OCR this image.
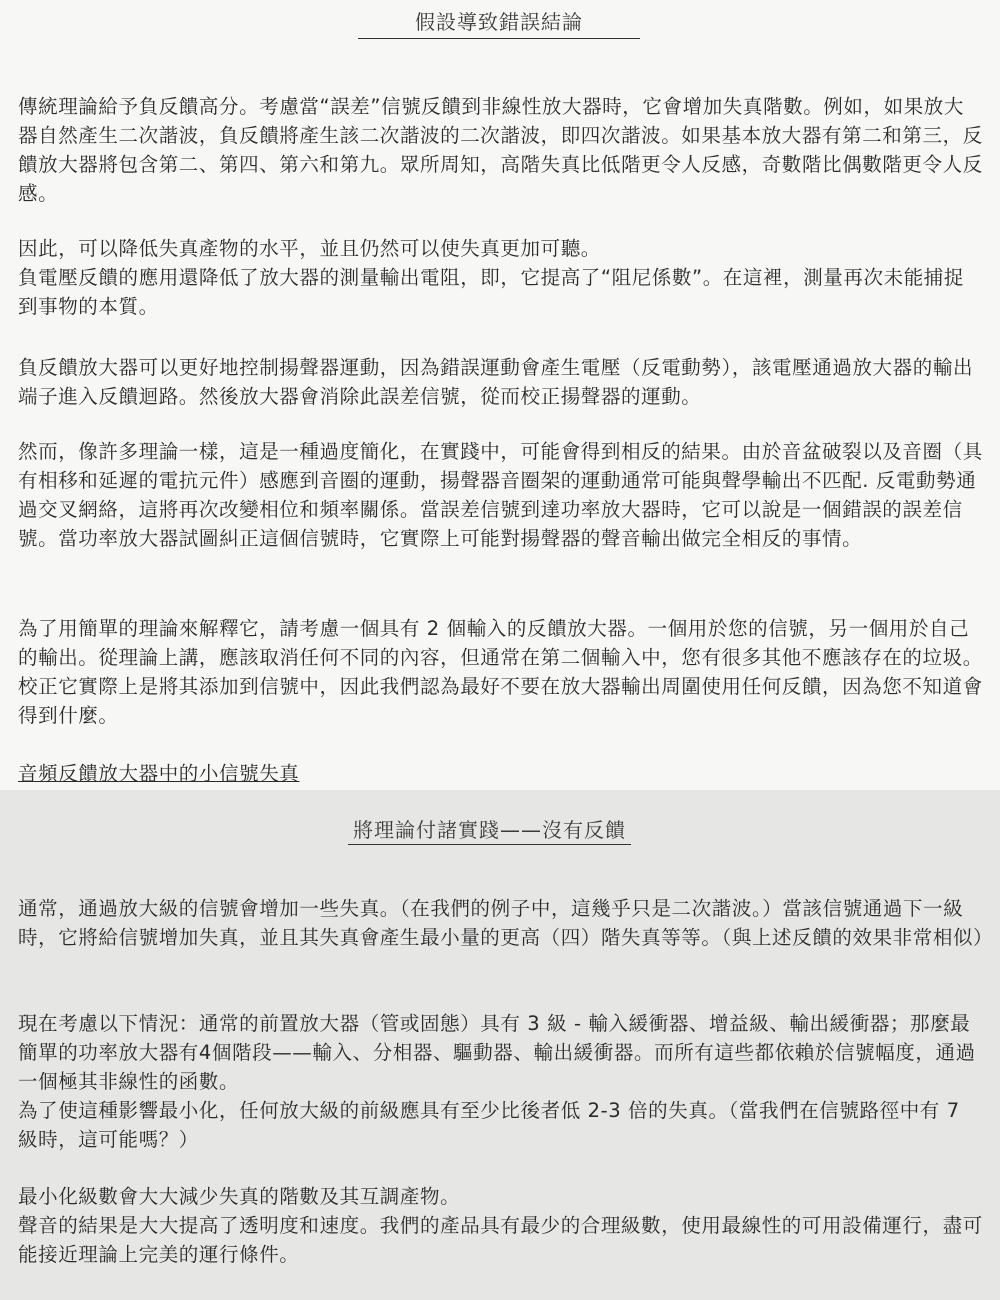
假設導致錯誤結論

傳統理論給予負反饋高分。考慮當“誤差”信號反饋到非線性放大器時，它會增加失真階數。例如，如果放大器自然產生二次諧波，負反饋將產生該二次諧波的二次諧波，即四次諧波。如果基本放大器有第二和第三，反饋放大器將包含第二、第四、第六和第九。眾所周知，高階失真比低階更令人反感，奇數階比偶數階更令人反感。

因此，可以降低失真產物的水平，並且仍然可以使失真更加可聽。
負電壓反饋的應用還降低了放大器的測量輸出電阻，即，它提高了“阻尼係數”。在這裡，測量再次未能捕捉到事物的本質。

負反饋放大器可以更好地控制揚聲器運動，因為錯誤運動會產生電壓（反電動勢），該電壓通過放大器的輸出端子進入反饋迴路。然後放大器會消除此誤差信號，從而校正揚聲器的運動。

然而，像許多理論一樣，這是一種過度簡化，在實踐中，可能會得到相反的結果。由於音盆破裂以及音圈（具有相移和延遲的電抗元件）感應到音圈的運動，揚聲器音圈架的運動通常可能與聲學輸出不匹配. 反電動勢通過交叉網絡，這將再次改變相位和頻率關係。當誤差信號到達功率放大器時，它可以說是一個錯誤的誤差信號。當功率放大器試圖糾正這個信號時，它實際上可能對揚聲器的聲音輸出做完全相反的事情。

為了用簡單的理論來解釋它，請考慮一個具有 2 個輸入的反饋放大器。一個用於您的信號，另一個用於自己的輸出。從理論上講，應該取消任何不同的內容，但通常在第二個輸入中，您有很多其他不應該存在的垃圾。校正它實際上是將其添加到信號中，因此我們認為最好不要在放大器輸出周圍使用任何反饋，因為您不知道會得到什麼。

音頻反饋放大器中的小信號失真
將理論付諸實踐——沒有反饋

通常，通過放大級的信號會增加一些失真。（在我們的例子中，這幾乎只是二次諧波。）當該信號通過下一級時，它將給信號增加失真，並且其失真會產生最小量的更高（四）階失真等等。（與上述反饋的效果非常相似）

現在考慮以下情況：通常的前置放大器（管或固態）具有 3 級 - 輸入緩衝器、增益級、輸出緩衝器；那麼最簡單的功率放大器有4個階段——輸入、分相器、驅動器、輸出緩衝器。而所有這些都依賴於信號幅度，通過一個極其非線性的函數。
為了使這種影響最小化，任何放大級的前級應具有至少比後者低 2-3 倍的失真。（當我們在信號路徑中有 7 級時，這可能嗎？）

最小化級數會大大減少失真的階數及其互調產物。
聲音的結果是大大提高了透明度和速度。我們的產品具有最少的合理級數，使用最線性的可用設備運行，盡可能接近理論上完美的運行條件。
